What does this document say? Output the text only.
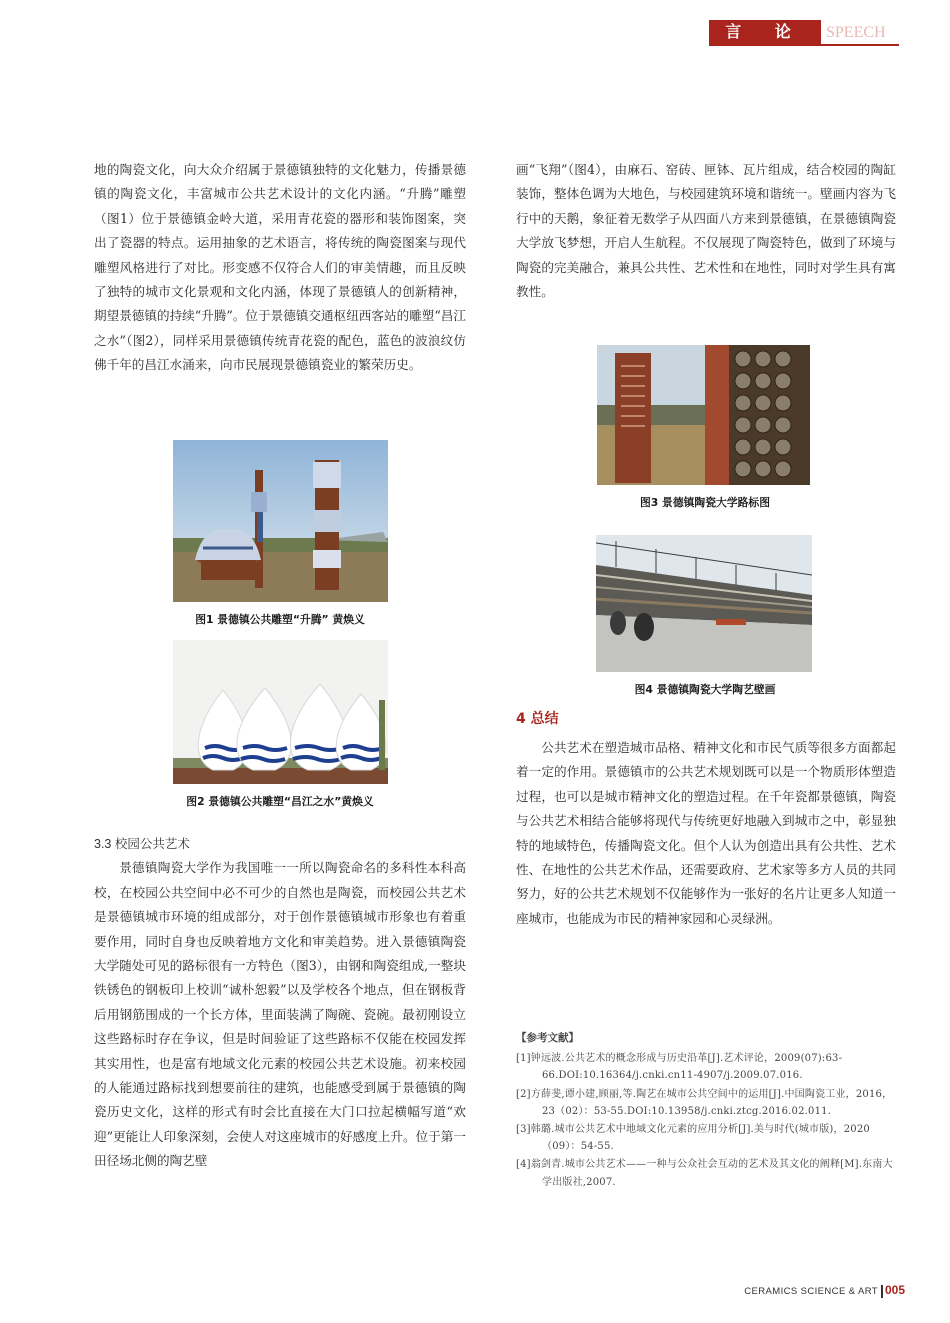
言 论	SPEECH

地的陶瓷文化，向大众介绍属于景德镇独特的文化魅力，传播景德镇的陶瓷文化，丰富城市公共艺术设计的文化内涵。“升腾”雕塑（图1）位于景德镇金岭大道，采用青花瓷的器形和装饰图案，突出了瓷器的特点。运用抽象的艺术语言，将传统的陶瓷图案与现代雕塑风格进行了对比。形变感不仅符合人们的审美情趣，而且反映了独特的城市文化景观和文化内涵，体现了景德镇人的创新精神，期望景德镇的持续“升腾”。位于景德镇交通枢纽西客站的雕塑“昌江之水”（图2），同样采用景德镇传统青花瓷的配色，蓝色的波浪纹仿佛千年的昌江水涌来，向市民展现景德镇瓷业的繁荣历史。

图1 景德镇公共雕塑“升腾” 黄焕义
图2 景德镇公共雕塑“昌江之水”黄焕义

3.3 校园公共艺术

景德镇陶瓷大学作为我国唯一一所以陶瓷命名的多科性本科高校，在校园公共空间中必不可少的自然也是陶瓷，而校园公共艺术是景德镇城市环境的组成部分，对于创作景德镇城市形象也有着重要作用，同时自身也反映着地方文化和审美趋势。进入景德镇陶瓷大学随处可见的路标很有一方特色（图3），由钢和陶瓷组成,一整块铁锈色的钢板印上校训“诚朴恕毅”以及学校各个地点，但在钢板背后用钢筋围成的一个长方体，里面装满了陶碗、瓷碗。最初刚设立这些路标时存在争议，但是时间验证了这些路标不仅能在校园发挥其实用性，也是富有地域文化元素的校园公共艺术设施。初来校园的人能通过路标找到想要前往的建筑，也能感受到属于景德镇的陶瓷历史文化，这样的形式有时会比直接在大门口拉起横幅写道“欢迎”更能让人印象深刻，会使人对这座城市的好感度上升。位于第一田径场北侧的陶艺壁

画“飞翔”（图4），由麻石、窑砖、匣钵、瓦片组成，结合校园的陶缸装饰，整体色调为大地色，与校园建筑环境和谐统一。壁画内容为飞行中的天鹅，象征着无数学子从四面八方来到景德镇，在景德镇陶瓷大学放飞梦想，开启人生航程。不仅展现了陶瓷特色，做到了环境与陶瓷的完美融合，兼具公共性、艺术性和在地性，同时对学生具有寓教性。

图3 景德镇陶瓷大学路标图
图4 景德镇陶瓷大学陶艺壁画
4 总结

公共艺术在塑造城市品格、精神文化和市民气质等很多方面都起着一定的作用。景德镇市的公共艺术规划既可以是一个物质形体塑造过程，也可以是城市精神文化的塑造过程。在千年瓷都景德镇，陶瓷与公共艺术相结合能够将现代与传统更好地融入到城市之中，彰显独特的地域特色，传播陶瓷文化。但个人认为创造出具有公共性、艺术性、在地性的公共艺术作品，还需要政府、艺术家等多方人员的共同努力，好的公共艺术规划不仅能够作为一张好的名片让更多人知道一座城市，也能成为市民的精神家园和心灵绿洲。

【参考文献】

[1]钟远波.公共艺术的概念形成与历史沿革[J].艺术评论，2009(07):63-66.DOI:10.16364/j.cnki.cn11-4907/j.2009.07.016.

[2]方薛斐,谭小建,顾丽,等.陶艺在城市公共空间中的运用[J].中国陶瓷工业，2016，23（02）：53-55.DOI:10.13958/j.cnki.ztcg.2016.02.011.

[3]韩璐.城市公共艺术中地域文化元素的应用分析[J].美与时代(城市版)，2020（09）：54-55.

[4]翁剑青.城市公共艺术——一种与公众社会互动的艺术及其文化的阐释[M].东南大学出版社,2007.

CERAMICS SCIENCE & ART 005
